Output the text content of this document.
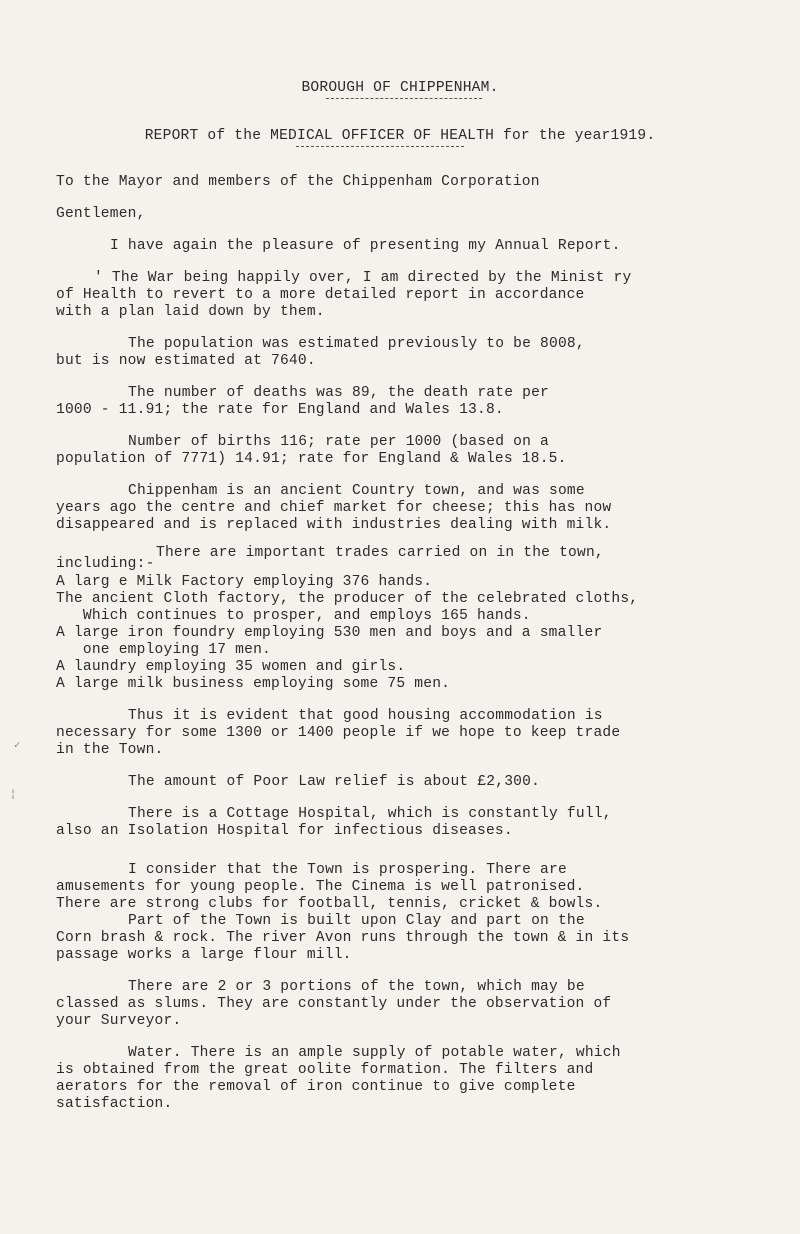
BOROUGH OF CHIPPENHAM.
REPORT of the MEDICAL OFFICER OF HEALTH for the year1919.
To the Mayor and members of the Chippenham Corporation
Gentlemen,
I have again the pleasure of presenting my Annual Report.
' The War being happily over, I am directed by the Minist ry
of Health to revert to a more detailed report in accordance
with a plan laid down by them.
The population was estimated previously to be 8008,
but is now estimated at 7640.
The number of deaths was 89, the death rate per
1000 - 11.91; the rate for England and Wales 13.8.
Number of births 116; rate per 1000 (based on a
population of 7771) 14.91; rate for England & Wales 18.5.
Chippenham is an ancient Country town, and was some
years ago the centre and chief market for cheese; this has now
disappeared and is replaced with industries dealing with milk.
There are important trades carried on in the town,
including:-
A larg e Milk Factory employing 376 hands.
The ancient Cloth factory, the producer of the celebrated cloths,
Which continues to prosper, and employs 165 hands.
A large iron foundry employing 530 men and boys and a smaller
one employing 17 men.
A laundry employing 35 women and girls.
A large milk business employing some 75 men.
Thus it is evident that good housing accommodation is
necessary for some 1300 or 1400 people if we hope to keep trade
in the Town.
The amount of Poor Law relief is about £2,300.
There is a Cottage Hospital, which is constantly full,
also an Isolation Hospital for infectious diseases.
I consider that the Town is prospering. There are
amusements for young people. The Cinema is well patronised.
There are strong clubs for football, tennis, cricket & bowls.
Part of the Town is built upon Clay and part on the
Corn brash & rock. The river Avon runs through the town & in its
passage works a large flour mill.
There are 2 or 3 portions of the town, which may be
classed as slums. They are constantly under the observation of
your Surveyor.
Water. There is an ample supply of potable water, which
is obtained from the great oolite formation. The filters and
aerators for the removal of iron continue to give complete
satisfaction.
✓
¦
